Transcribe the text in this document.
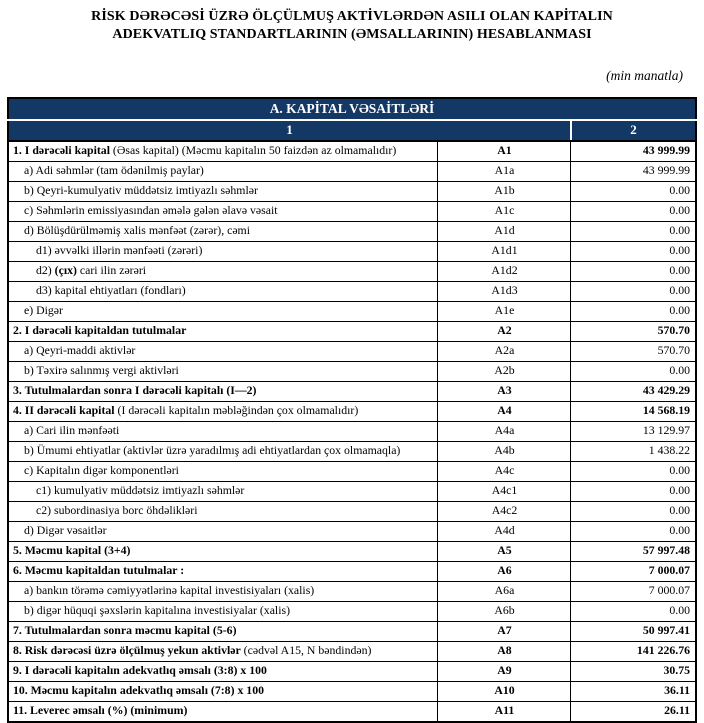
RİSK DƏRƏCƏSİ ÜZRƏ ÖLÇÜLMUŞ AKTİVLƏRDƏN ASILI OLAN KAPİTALIN
ADEKVATLIQ STANDARTLARININ (ƏMSALLARININ) HESABLANMASI
(min manatla)
A. KAPİTAL VƏSAİTLƏRİ		
1		2
1. I dərəcəli kapital (Əsas kapital) (Məcmu kapitalın 50 faizdən az olmamalıdır)	A1	43 999.99
a) Adi səhmlər (tam ödənilmiş paylar)	A1a	43 999.99
b) Qeyri-kumulyativ müddətsiz imtiyazlı səhmlər	A1b	0.00
c) Səhmlərin emissiyasından əmələ gələn əlavə vəsait	A1c	0.00
d) Bölüşdürülməmiş xalis mənfəət (zərər), cəmi	A1d	0.00
d1) əvvəlki illərin mənfəəti (zərəri)	A1d1	0.00
d2) (çıx) cari ilin zərəri	A1d2	0.00
d3) kapital ehtiyatları (fondları)	A1d3	0.00
e) Digər	A1e	0.00
2. I dərəcəli kapitaldan tutulmalar	A2	570.70
a) Qeyri-maddi aktivlər	A2a	570.70
b) Təxirə salınmış vergi aktivləri	A2b	0.00
3. Tutulmalardan sonra I dərəcəli kapitalı (I—2)	A3	43 429.29
4. II dərəcəli kapital (I dərəcəli kapitalın məbləğindən çox olmamalıdır)	A4	14 568.19
a) Cari ilin mənfəəti	A4a	13 129.97
b) Ümumi ehtiyatlar (aktivlər üzrə yaradılmış adi ehtiyatlardan çox olmamaqla)	A4b	1 438.22
c) Kapitalın digər komponentləri	A4c	0.00
c1) kumulyativ müddətsiz imtiyazlı səhmlər	A4c1	0.00
c2) subordinasiya borc öhdəlikləri	A4c2	0.00
d) Digər vəsaitlər	A4d	0.00
5. Məcmu kapital (3+4)	A5	57 997.48
6. Məcmu kapitaldan tutulmalar :	A6	7 000.07
a) bankın törəmə cəmiyyətlərinə kapital investisiyaları (xalis)	A6a	7 000.07
b) digər hüquqi şəxslərin kapitalına investisiyalar (xalis)	A6b	0.00
7. Tutulmalardan sonra məcmu kapital (5-6)	A7	50 997.41
8. Risk dərəcəsi üzrə ölçülmuş yekun aktivlər (cədvəl A15, N bəndindən)	A8	141 226.76
9. I dərəcəli kapitalın adekvatlıq əmsalı (3:8) x 100	A9	30.75
10. Məcmu kapitalın adekvatlıq əmsalı (7:8) x 100	A10	36.11
11. Leverec əmsalı (%) (minimum)	A11	26.11
